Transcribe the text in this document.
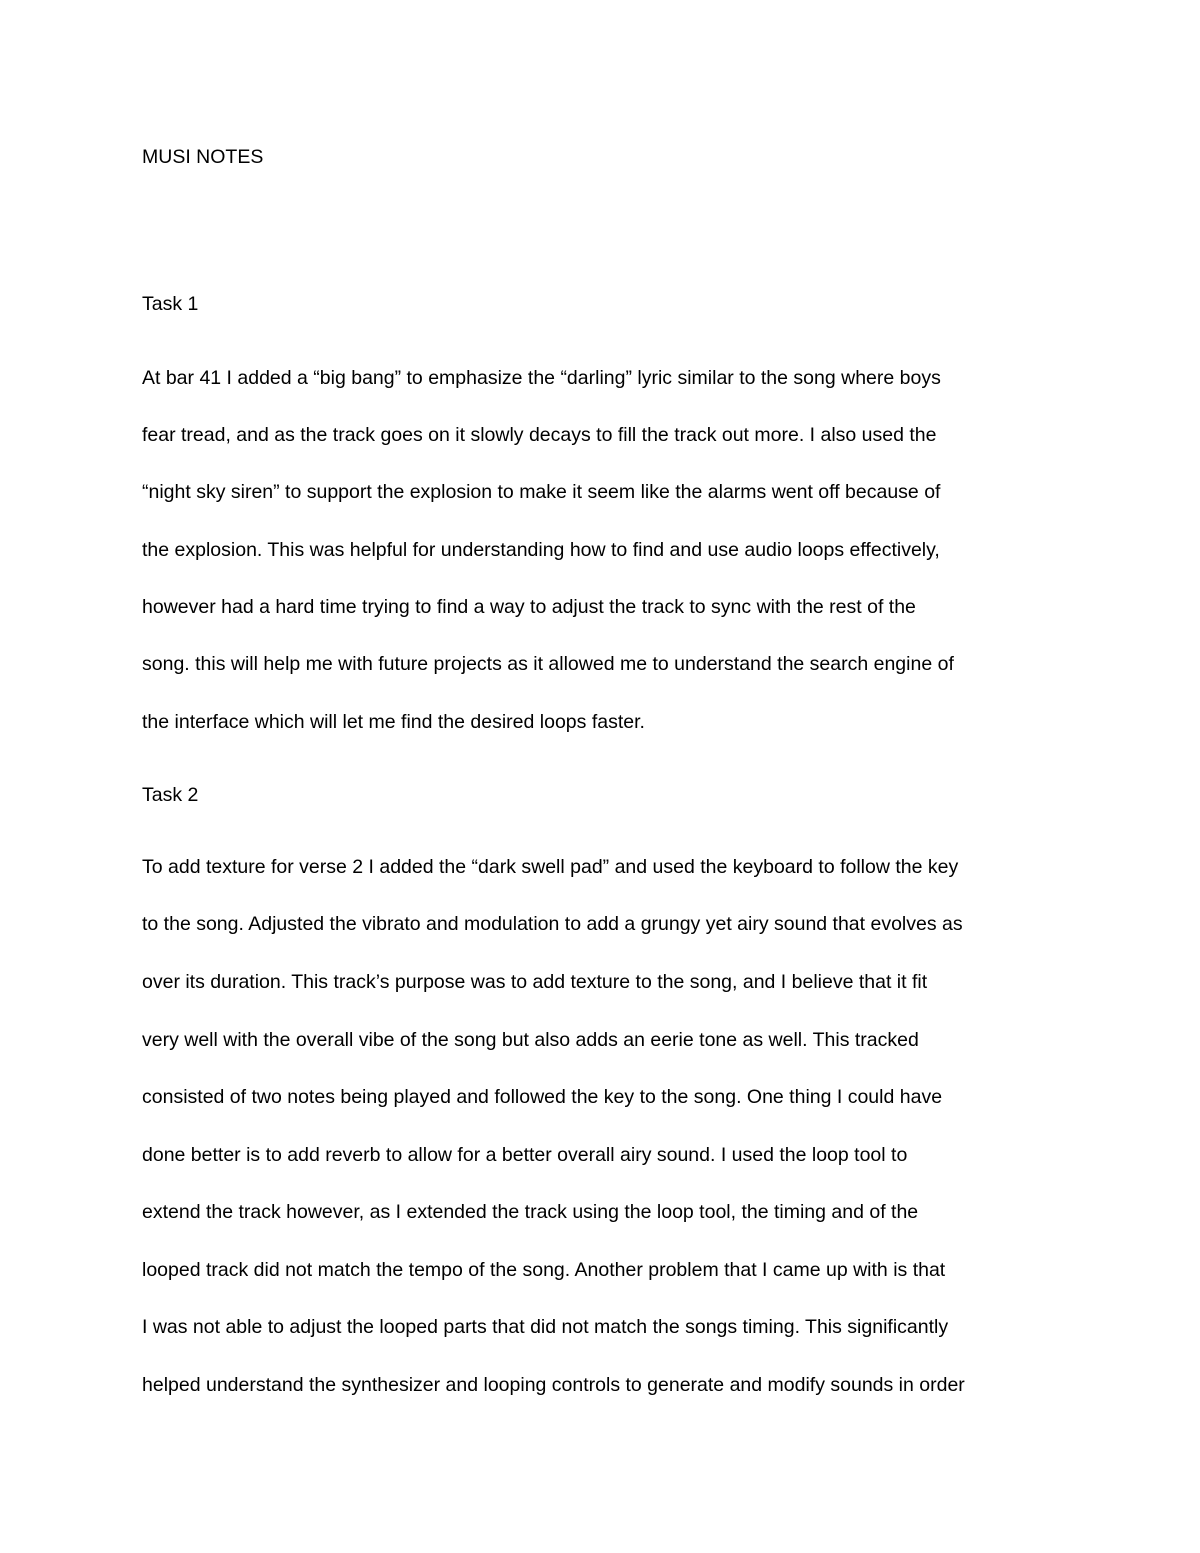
MUSI NOTES
Task 1
At bar 41 I added a “big bang” to emphasize the “darling” lyric similar to the song where boys
fear tread, and as the track goes on it slowly decays to fill the track out more. I also used the
“night sky siren” to support the explosion to make it seem like the alarms went off because of
the explosion. This was helpful for understanding how to find and use audio loops effectively,
however had a hard time trying to find a way to adjust the track to sync with the rest of the
song. this will help me with future projects as it allowed me to understand the search engine of
the interface which will let me find the desired loops faster.
Task 2
To add texture for verse 2 I added the “dark swell pad” and used the keyboard to follow the key
to the song. Adjusted the vibrato and modulation to add a grungy yet airy sound that evolves as
over its duration. This track’s purpose was to add texture to the song, and I believe that it fit
very well with the overall vibe of the song but also adds an eerie tone as well. This tracked
consisted of two notes being played and followed the key to the song. One thing I could have
done better is to add reverb to allow for a better overall airy sound. I used the loop tool to
extend the track however, as I extended the track using the loop tool, the timing and of the
looped track did not match the tempo of the song. Another problem that I came up with is that
I was not able to adjust the looped parts that did not match the songs timing. This significantly
helped understand the synthesizer and looping controls to generate and modify sounds in order
